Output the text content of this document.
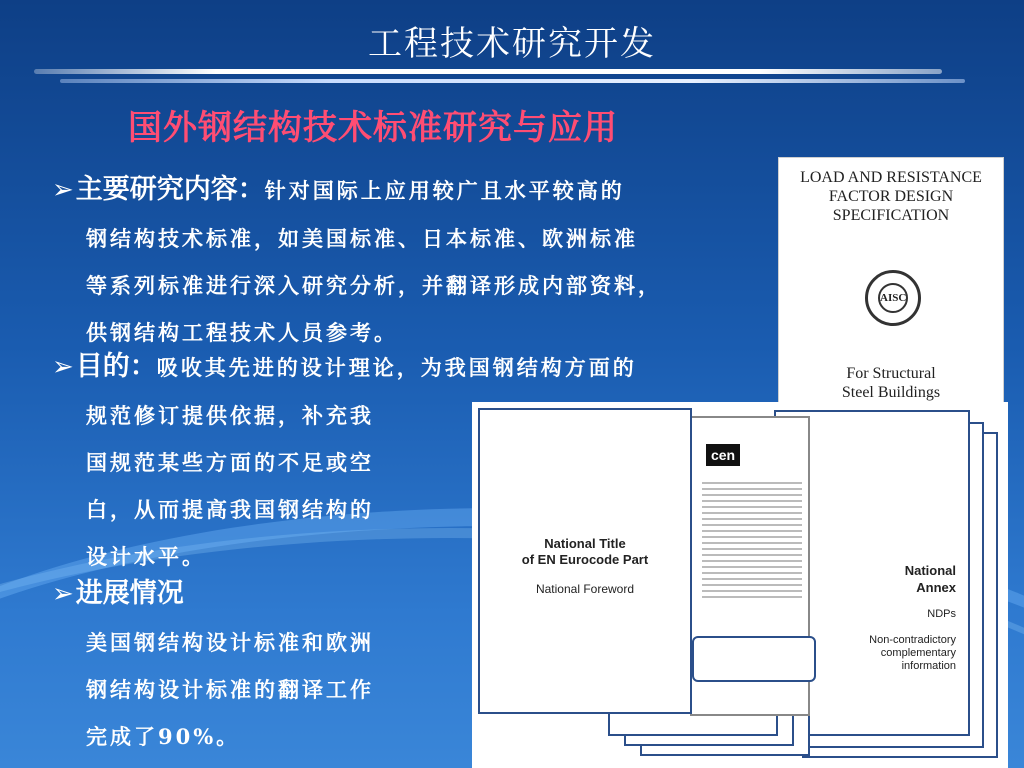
工程技术研究开发
国外钢结构技术标准研究与应用
➢主要研究内容：针对国际上应用较广且水平较高的
钢结构技术标准，如美国标准、日本标准、欧洲标准
等系列标准进行深入研究分析，并翻译形成内部资料，
供钢结构工程技术人员参考。
➢目的：吸收其先进的设计理论，为我国钢结构方面的
规范修订提供依据，补充我
国规范某些方面的不足或空
白，从而提高我国钢结构的
设计水平。
➢进展情况
美国钢结构设计标准和欧洲
钢结构设计标准的翻译工作
完成了90%。
LOAD AND RESISTANCE
FACTOR DESIGN
SPECIFICATION
AISC
For Structural
Steel Buildings
National
Annex
NDPs
Non-contradictory
complementary
information
cen
EN Eurocode Part
published by CEN
National Title
of EN Eurocode Part
National Foreword
